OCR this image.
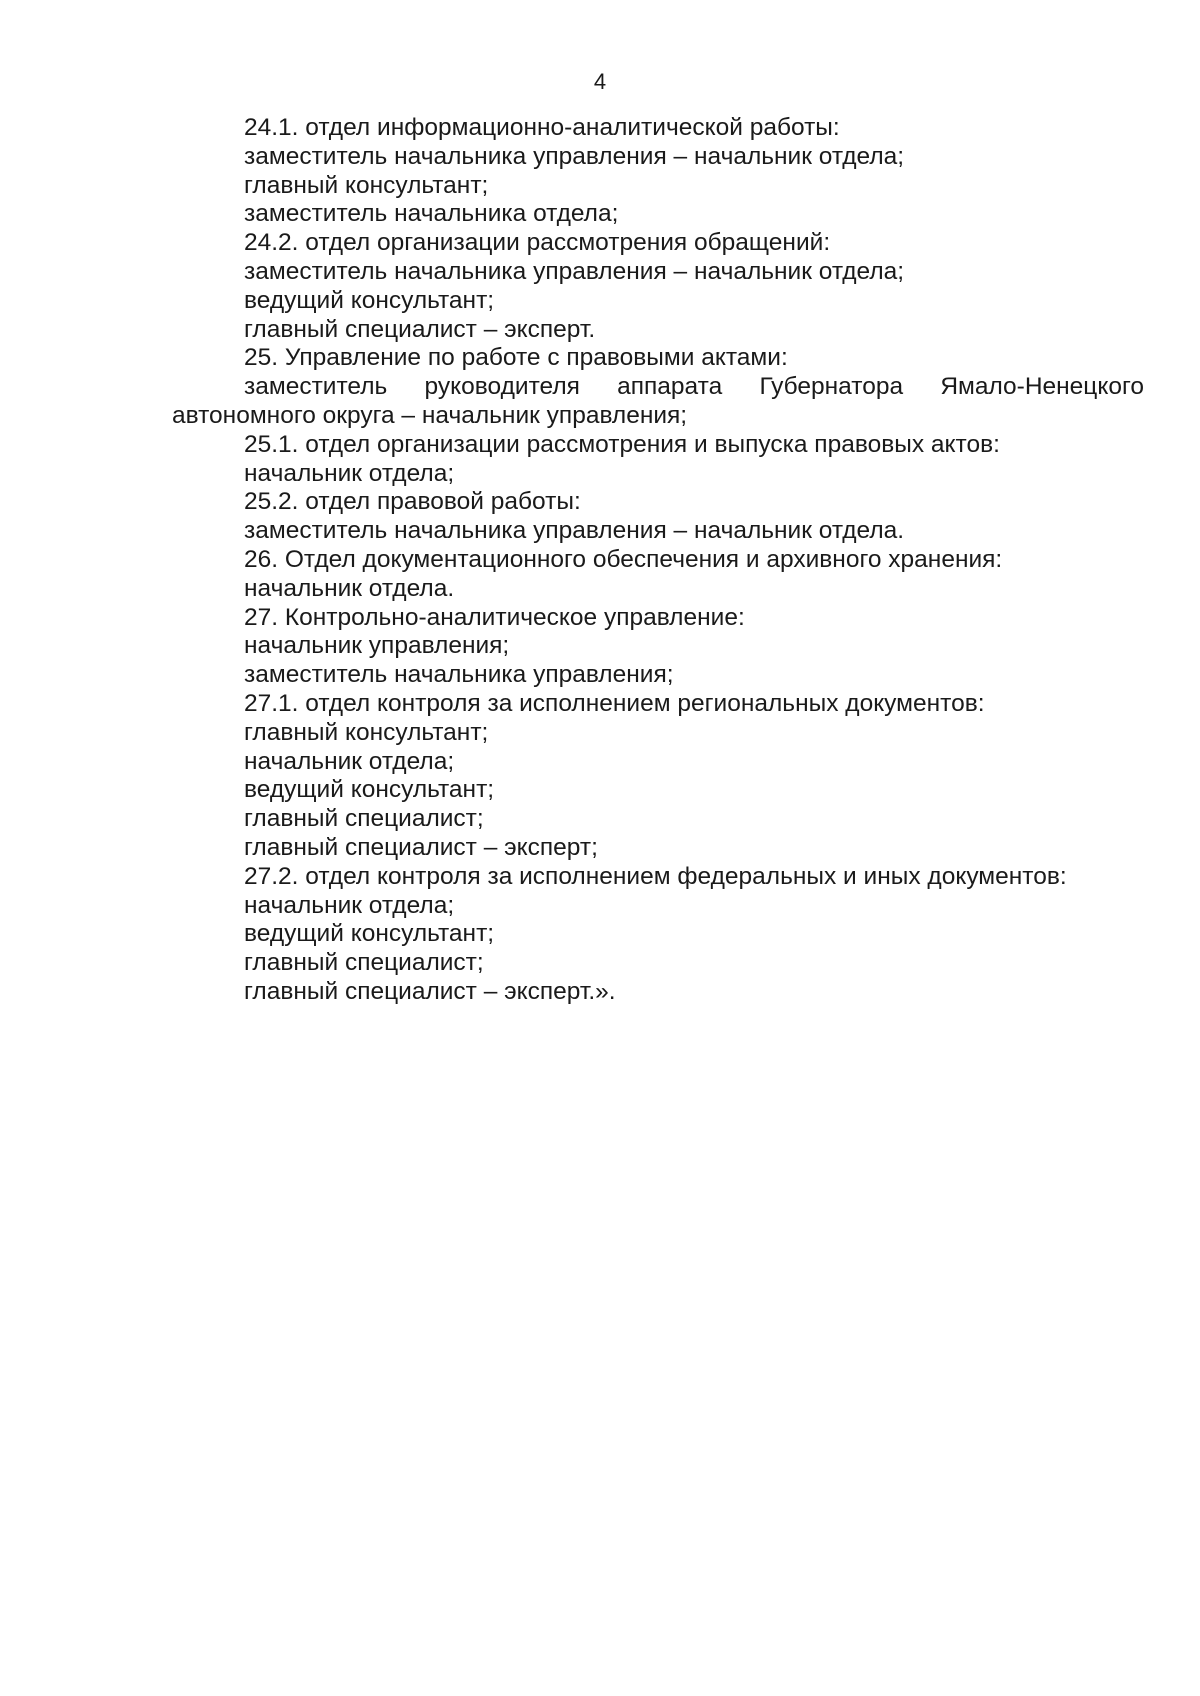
4
24.1. отдел информационно-аналитической работы:
заместитель начальника управления – начальник отдела;
главный консультант;
заместитель начальника отдела;
24.2. отдел организации рассмотрения обращений:
заместитель начальника управления – начальник отдела;
ведущий консультант;
главный специалист – эксперт.
25. Управление по работе с правовыми актами:
заместитель руководителя аппарата Губернатора Ямало-Ненецкого
автономного округа – начальник управления;
25.1. отдел организации рассмотрения и выпуска правовых актов:
начальник отдела;
25.2. отдел правовой работы:
заместитель начальника управления – начальник отдела.
26. Отдел документационного обеспечения и архивного хранения:
начальник отдела.
27. Контрольно-аналитическое управление:
начальник управления;
заместитель начальника управления;
27.1. отдел контроля за исполнением региональных документов:
главный консультант;
начальник отдела;
ведущий консультант;
главный специалист;
главный специалист – эксперт;
27.2. отдел контроля за исполнением федеральных и иных документов:
начальник отдела;
ведущий консультант;
главный специалист;
главный специалист – эксперт.».
